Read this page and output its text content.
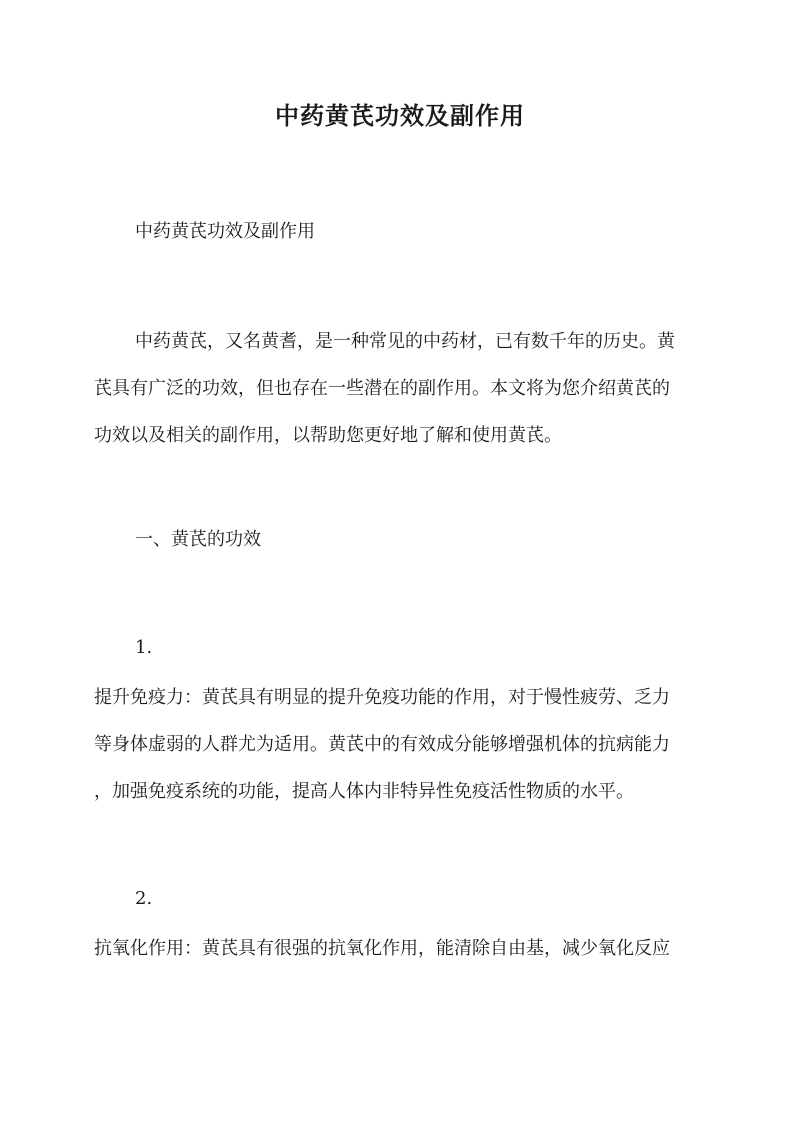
中药黄芪功效及副作用

中药黄芪功效及副作用

中药黄芪，又名黄耆，是一种常见的中药材，已有数千年的历史。黄
芪具有广泛的功效，但也存在一些潜在的副作用。本文将为您介绍黄芪的
功效以及相关的副作用，以帮助您更好地了解和使用黄芪。

一、黄芪的功效

1.

提升免疫力：黄芪具有明显的提升免疫功能的作用，对于慢性疲劳、乏力
等身体虚弱的人群尤为适用。黄芪中的有效成分能够增强机体的抗病能力
，加强免疫系统的功能，提高人体内非特异性免疫活性物质的水平。

2.

抗氧化作用：黄芪具有很强的抗氧化作用，能清除自由基，减少氧化反应
